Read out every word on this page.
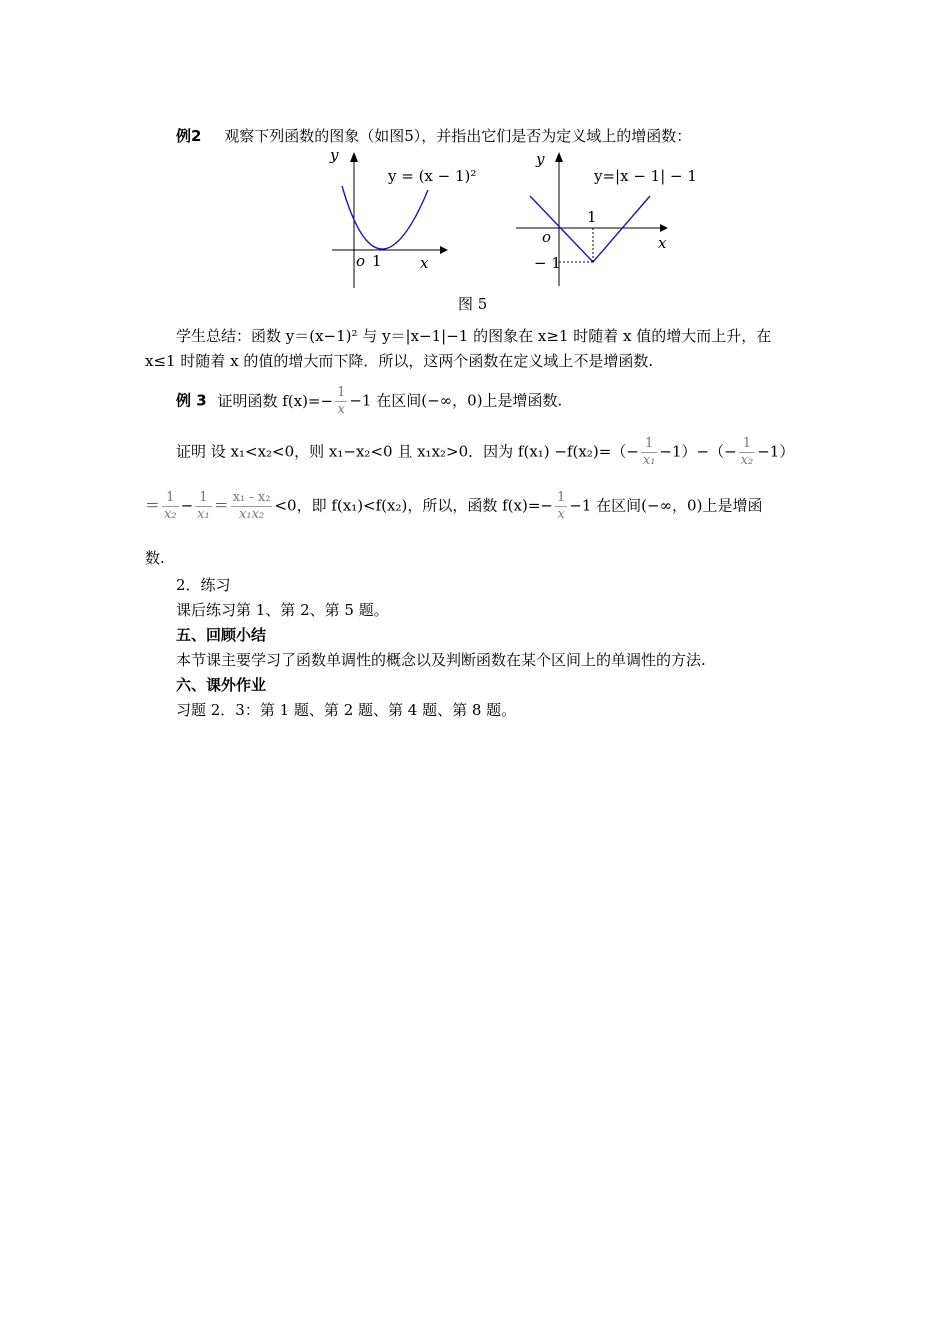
例2 观察下列函数的图象（如图5），并指出它们是否为定义域上的增函数：
y
o 1	x
y = (x − 1)²
y
o
1
− 1
x
y=|x − 1| − 1
图 5
学生总结：函数 y＝(x−1)² 与 y＝|x−1|−1 的图象在 x≥1 时随着 x 值的增大而上升，在
x≤1 时随着 x 的值的增大而下降．所以，这两个函数在定义域上不是增函数.
例 3 证明函数 $f(x)=- \frac{1}{x} -1$ 在区间(−∞，0)上是增函数.
证明 设 x₁<x₂<0，则 x₁−x₂<0 且 x₁x₂>0．因为 $f(x_1) -f(x_2)=(- \frac{1}{\text{x₁}} -1)-(- \frac{1}{\text{x₂}} -1)$
＝ $\frac{1}{\text{x₂}} - \frac{1}{\text{x₁}} = \frac{\text{x₁ - x₂}}{\text{x₁x₂}} <0$，即 f(x₁)<f(x₂)，所以，函数 $f(x)=- \frac{1}{x} -1$ 在区间(−∞，0)上是增函
数.
2．练习
课后练习第 1、第 2、第 5 题。
五、回顾小结
本节课主要学习了函数单调性的概念以及判断函数在某个区间上的单调性的方法.
六、课外作业
习题 2．3：第 1 题、第 2 题、第 4 题、第 8 题。
